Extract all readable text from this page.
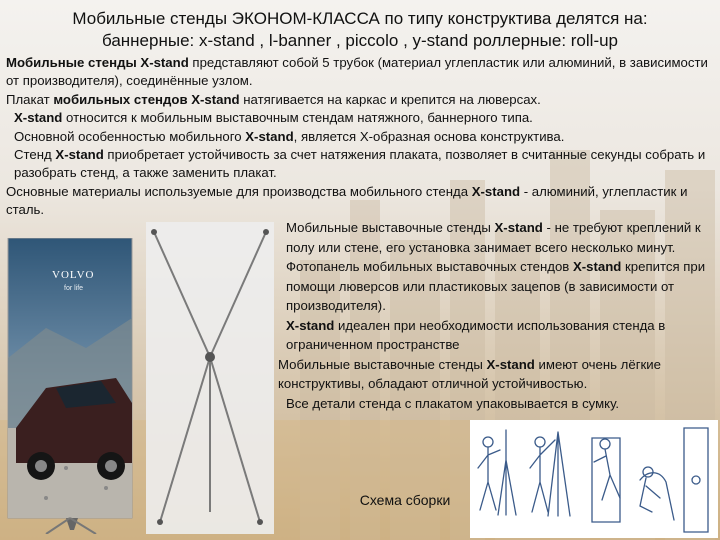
Мобильные стенды ЭКОНОМ-КЛАССА по типу конструктива делятся на:
баннерные: x-stand , l-banner , piccolo , y-stand роллерные: roll-up

Мобильные стенды X-stand представляют собой 5 трубок (материал углепластик или алюминий, в зависимости от производителя), соединённые узлом.

Плакат мобильных стендов X-stand натягивается на каркас и крепится на люверсах.

X-stand относится к мобильным выставочным стендам натяжного, баннерного типа.

Основной особенностью мобильного X-stand, является Х-образная основа конструктива.

Стенд X-stand приобретает устойчивость за счет натяжения плаката, позволяет в считанные секунды собрать и разобрать стенд, а также заменить плакат.

Основные материалы используемые для производства мобильного стенда X-stand - алюминий, углепластик и сталь.

VOLVO
for life

Мобильные выставочные стенды X-stand - не требуют креплений к полу или стене, его установка занимает всего несколько минут.

Фотопанель мобильных выставочных стендов X-stand крепится при помощи люверсов или пластиковых зацепов (в зависимости от производителя).

X-stand идеален при необходимости использования стенда в ограниченном пространстве

Мобильные выставочные стенды X-stand имеют очень лёгкие конструктивы, обладают отличной устойчивостью.

Все детали стенда с плакатом упаковывается в сумку.

Схема сборки
